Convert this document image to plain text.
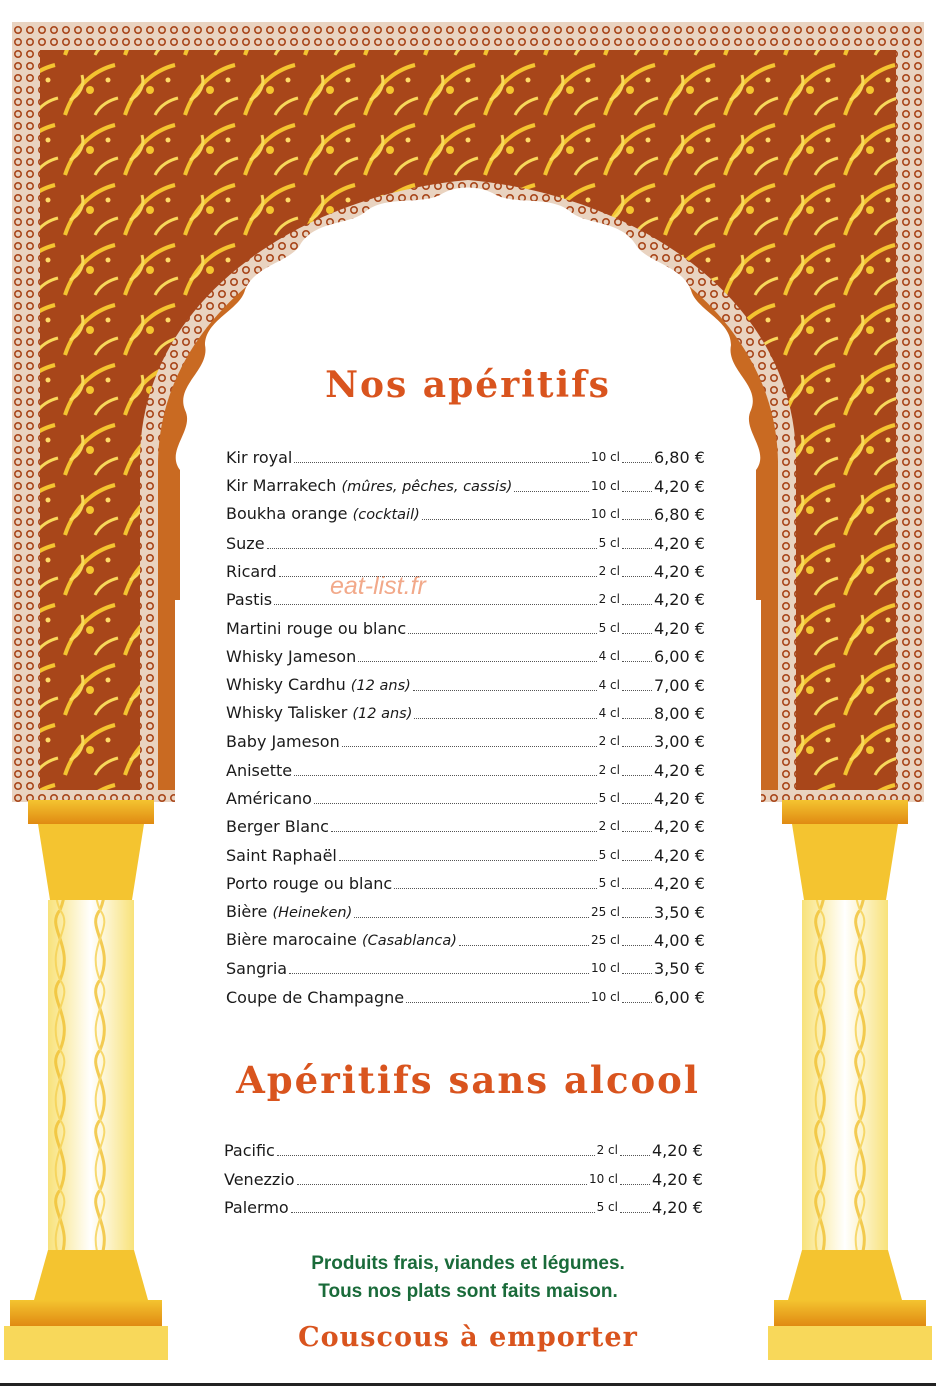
eat-list.fr
Nos apéritifs
Kir royal	10 cl 6,80 €
Kir Marrakech (mûres, pêches, cassis)	10 cl 4,20 €
Boukha orange (cocktail)	10 cl 6,80 €
Suze	5 cl 4,20 €
Ricard	2 cl 4,20 €
Pastis	2 cl 4,20 €
Martini rouge ou blanc	5 cl 4,20 €
Whisky Jameson	4 cl 6,00 €
Whisky Cardhu (12 ans)	4 cl 7,00 €
Whisky Talisker (12 ans)	4 cl 8,00 €
Baby Jameson	2 cl 3,00 €
Anisette	2 cl 4,20 €
Américano	5 cl 4,20 €
Berger Blanc	2 cl 4,20 €
Saint Raphaël	5 cl 4,20 €
Porto rouge ou blanc	5 cl 4,20 €
Bière (Heineken)	25 cl 3,50 €
Bière marocaine (Casablanca)	25 cl 4,00 €
Sangria	10 cl 3,50 €
Coupe de Champagne	10 cl 6,00 €
Apéritifs sans alcool
Pacific	2 cl 4,20 €
Venezzio	10 cl 4,20 €
Palermo	5 cl 4,20 €
Produits frais, viandes et légumes.
Tous nos plats sont faits maison.
Couscous à emporter
